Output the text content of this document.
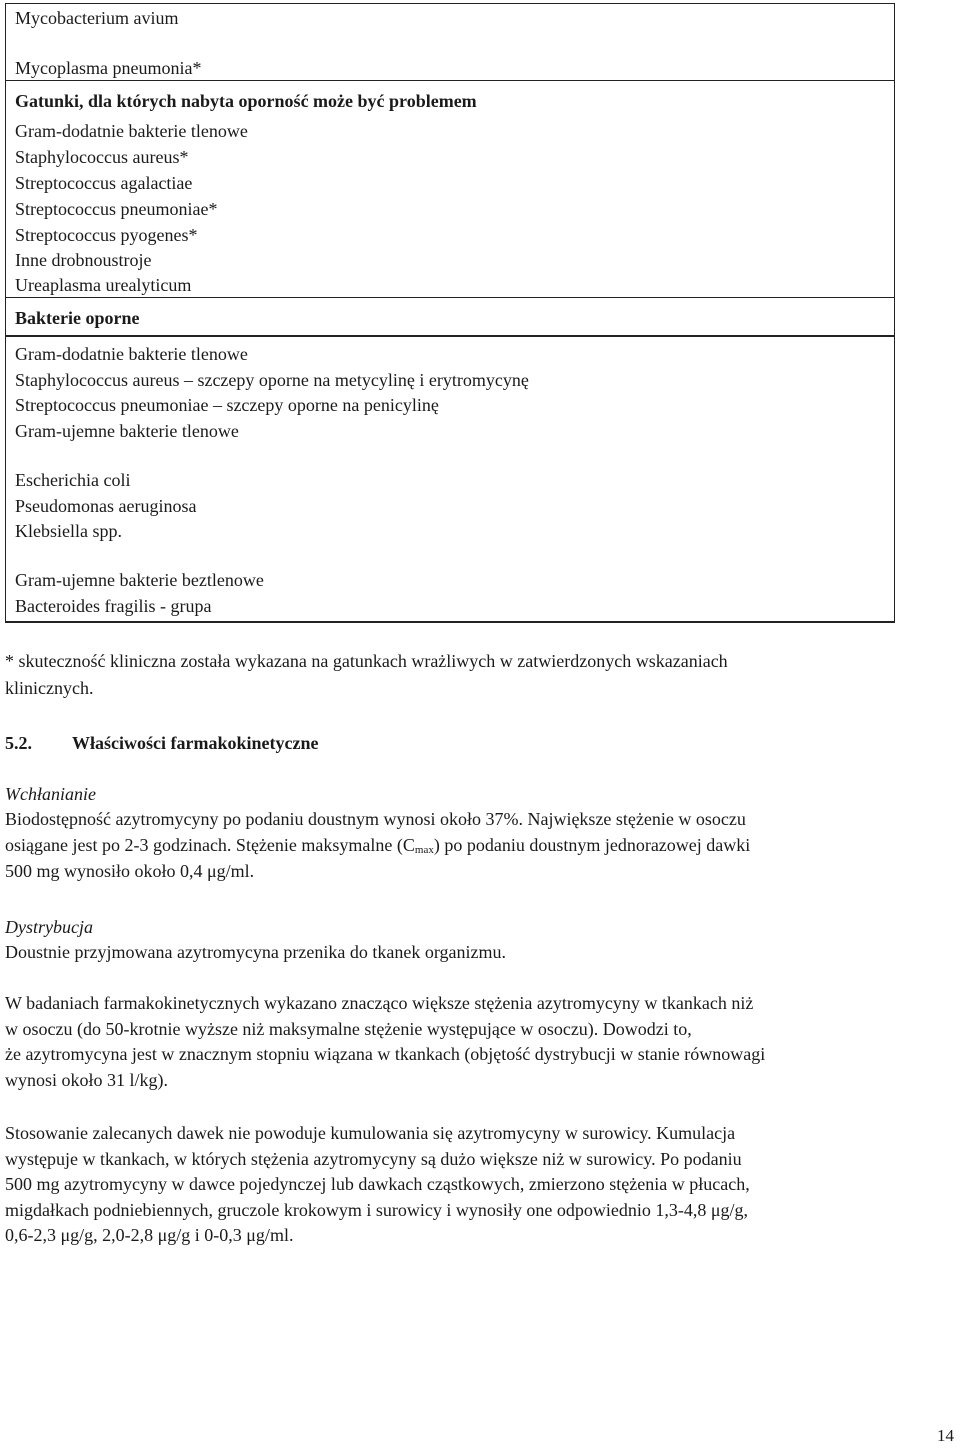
Mycobacterium avium
Mycoplasma pneumonia*
Gatunki, dla których nabyta oporność może być problemem
Gram-dodatnie bakterie tlenowe
Staphylococcus aureus*
Streptococcus agalactiae
Streptococcus pneumoniae*
Streptococcus pyogenes*
Inne drobnoustroje
Ureaplasma urealyticum
Bakterie oporne
Gram-dodatnie bakterie tlenowe
Staphylococcus aureus – szczepy oporne na metycylinę i erytromycynę
Streptococcus pneumoniae – szczepy oporne na penicylinę
Gram-ujemne bakterie tlenowe
Escherichia coli
Pseudomonas aeruginosa
Klebsiella spp.
Gram-ujemne bakterie beztlenowe
Bacteroides fragilis - grupa
* skuteczność kliniczna została wykazana na gatunkach wrażliwych w zatwierdzonych wskazaniach
klinicznych.
5.2. Właściwości farmakokinetyczne
Wchłanianie
Biodostępność azytromycyny po podaniu doustnym wynosi około 37%. Największe stężenie w osoczu
osiągane jest po 2-3 godzinach. Stężenie maksymalne (Cmax) po podaniu doustnym jednorazowej dawki
500 mg wynosiło około 0,4 μg/ml.
Dystrybucja
Doustnie przyjmowana azytromycyna przenika do tkanek organizmu.
W badaniach farmakokinetycznych wykazano znacząco większe stężenia azytromycyny w tkankach niż
w osoczu (do 50-krotnie wyższe niż maksymalne stężenie występujące w osoczu). Dowodzi to,
że azytromycyna jest w znacznym stopniu wiązana w tkankach (objętość dystrybucji w stanie równowagi
wynosi około 31 l/kg).
Stosowanie zalecanych dawek nie powoduje kumulowania się azytromycyny w surowicy. Kumulacja
występuje w tkankach, w których stężenia azytromycyny są dużo większe niż w surowicy. Po podaniu
500 mg azytromycyny w dawce pojedynczej lub dawkach cząstkowych, zmierzono stężenia w płucach,
migdałkach podniebiennych, gruczole krokowym i surowicy i wynosiły one odpowiednio 1,3-4,8 μg/g,
0,6-2,3 μg/g, 2,0-2,8 μg/g i 0-0,3 μg/ml.
14
